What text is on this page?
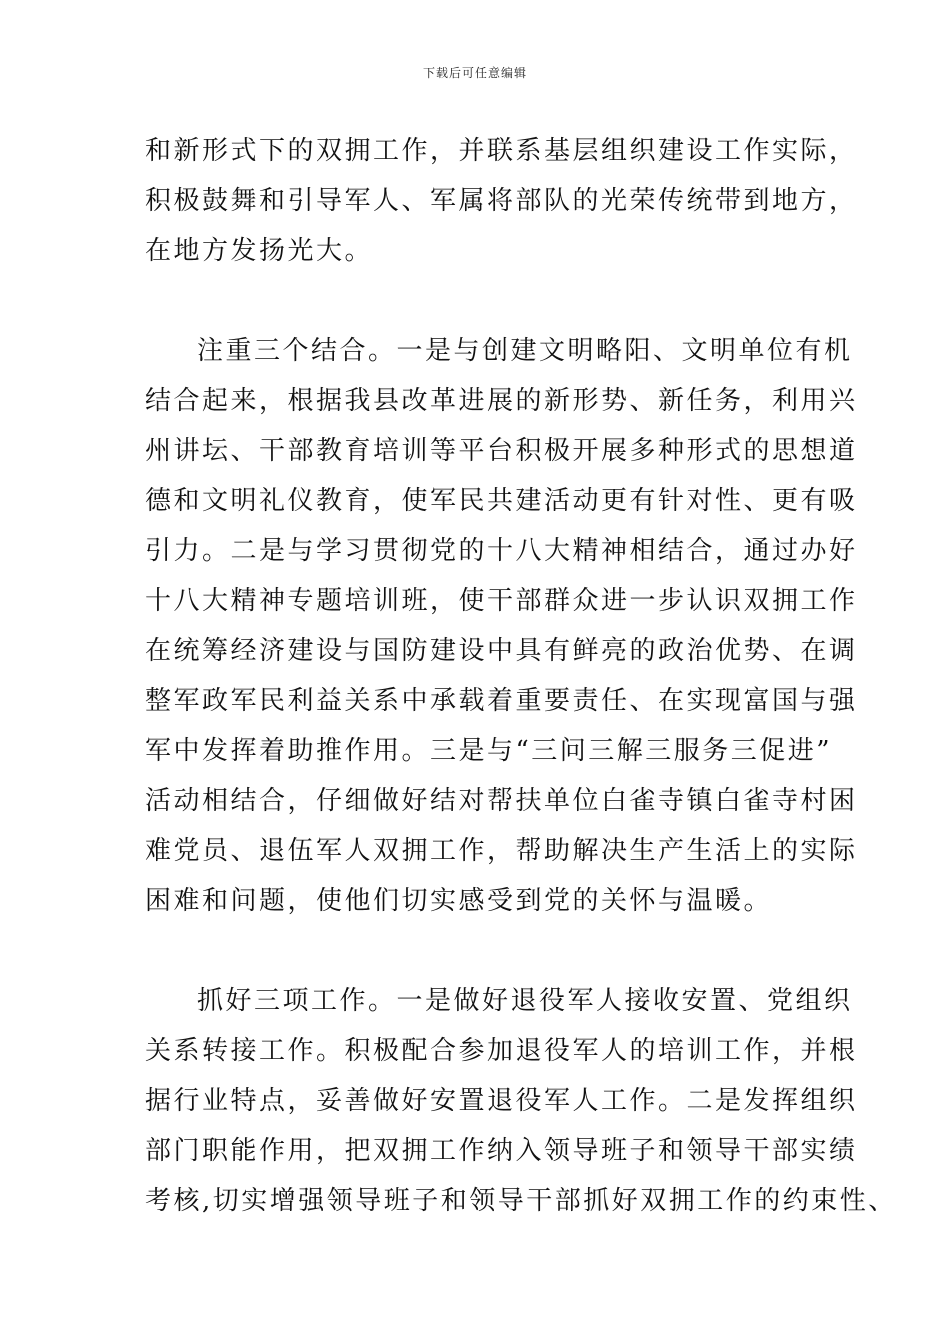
下载后可任意编辑
和新形式下的双拥工作，并联系基层组织建设工作实际，
积极鼓舞和引导军人、军属将部队的光荣传统带到地方，
在地方发扬光大。
注重三个结合。一是与创建文明略阳、文明单位有机
结合起来，根据我县改革进展的新形势、新任务，利用兴
州讲坛、干部教育培训等平台积极开展多种形式的思想道
德和文明礼仪教育，使军民共建活动更有针对性、更有吸
引力。二是与学习贯彻党的十八大精神相结合，通过办好
十八大精神专题培训班，使干部群众进一步认识双拥工作
在统筹经济建设与国防建设中具有鲜亮的政治优势、在调
整军政军民利益关系中承载着重要责任、在实现富国与强
军中发挥着助推作用。三是与“三问三解三服务三促进”
活动相结合，仔细做好结对帮扶单位白雀寺镇白雀寺村困
难党员、退伍军人双拥工作，帮助解决生产生活上的实际
困难和问题，使他们切实感受到党的关怀与温暖。
抓好三项工作。一是做好退役军人接收安置、党组织
关系转接工作。积极配合参加退役军人的培训工作，并根
据行业特点，妥善做好安置退役军人工作。二是发挥组织
部门职能作用，把双拥工作纳入领导班子和领导干部实绩
考核,切实增强领导班子和领导干部抓好双拥工作的约束性、
